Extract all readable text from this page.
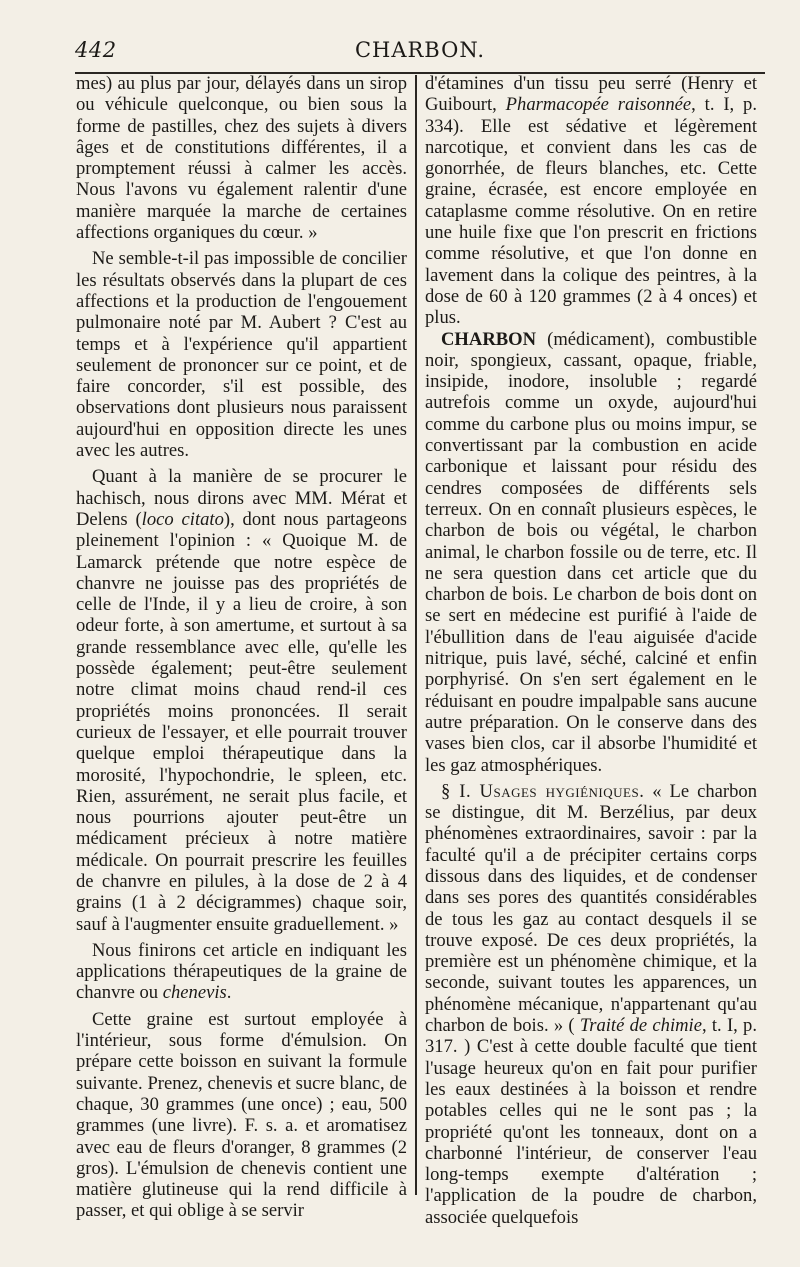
442	CHARBON.

mes) au plus par jour, délayés dans un sirop ou véhicule quelconque, ou bien sous la forme de pastilles, chez des sujets à divers âges et de constitutions différentes, il a promptement réussi à calmer les accès. Nous l'avons vu également ralentir d'une manière marquée la marche de certaines affections organiques du cœur. »

Ne semble-t-il pas impossible de concilier les résultats observés dans la plupart de ces affections et la production de l'engouement pulmonaire noté par M. Aubert ? C'est au temps et à l'expérience qu'il appartient seulement de prononcer sur ce point, et de faire concorder, s'il est possible, des observations dont plusieurs nous paraissent aujourd'hui en opposition directe les unes avec les autres.

Quant à la manière de se procurer le hachisch, nous dirons avec MM. Mérat et Delens (loco citato), dont nous partageons pleinement l'opinion : « Quoique M. de Lamarck prétende que notre espèce de chanvre ne jouisse pas des propriétés de celle de l'Inde, il y a lieu de croire, à son odeur forte, à son amertume, et surtout à sa grande ressemblance avec elle, qu'elle les possède également; peut-être seulement notre climat moins chaud rend-il ces propriétés moins prononcées. Il serait curieux de l'essayer, et elle pourrait trouver quelque emploi thérapeutique dans la morosité, l'hypochondrie, le spleen, etc. Rien, assurément, ne serait plus facile, et nous pourrions ajouter peut-être un médicament précieux à notre matière médicale. On pourrait prescrire les feuilles de chanvre en pilules, à la dose de 2 à 4 grains (1 à 2 décigrammes) chaque soir, sauf à l'augmenter ensuite graduellement. »

Nous finirons cet article en indiquant les applications thérapeutiques de la graine de chanvre ou chenevis.

Cette graine est surtout employée à l'intérieur, sous forme d'émulsion. On prépare cette boisson en suivant la formule suivante. Prenez, chenevis et sucre blanc, de chaque, 30 grammes (une once) ; eau, 500 grammes (une livre). F. s. a. et aromatisez avec eau de fleurs d'oranger, 8 grammes (2 gros). L'émulsion de chenevis contient une matière glutineuse qui la rend difficile à passer, et qui oblige à se servir

d'étamines d'un tissu peu serré (Henry et Guibourt, Pharmacopée raisonnée, t. I, p. 334). Elle est sédative et légèrement narcotique, et convient dans les cas de gonorrhée, de fleurs blanches, etc. Cette graine, écrasée, est encore employée en cataplasme comme résolutive. On en retire une huile fixe que l'on prescrit en frictions comme résolutive, et que l'on donne en lavement dans la colique des peintres, à la dose de 60 à 120 grammes (2 à 4 onces) et plus.

CHARBON (médicament), combustible noir, spongieux, cassant, opaque, friable, insipide, inodore, insoluble ; regardé autrefois comme un oxyde, aujourd'hui comme du carbone plus ou moins impur, se convertissant par la combustion en acide carbonique et laissant pour résidu des cendres composées de différents sels terreux. On en connaît plusieurs espèces, le charbon de bois ou végétal, le charbon animal, le charbon fossile ou de terre, etc. Il ne sera question dans cet article que du charbon de bois. Le charbon de bois dont on se sert en médecine est purifié à l'aide de l'ébullition dans de l'eau aiguisée d'acide nitrique, puis lavé, séché, calciné et enfin porphyrisé. On s'en sert également en le réduisant en poudre impalpable sans aucune autre préparation. On le conserve dans des vases bien clos, car il absorbe l'humidité et les gaz atmosphériques.

§ I. Usages hygiéniques. « Le charbon se distingue, dit M. Berzélius, par deux phénomènes extraordinaires, savoir : par la faculté qu'il a de précipiter certains corps dissous dans des liquides, et de condenser dans ses pores des quantités considérables de tous les gaz au contact desquels il se trouve exposé. De ces deux propriétés, la première est un phénomène chimique, et la seconde, suivant toutes les apparences, un phénomène mécanique, n'appartenant qu'au charbon de bois. » ( Traité de chimie, t. I, p. 317. ) C'est à cette double faculté que tient l'usage heureux qu'on en fait pour purifier les eaux destinées à la boisson et rendre potables celles qui ne le sont pas ; la propriété qu'ont les tonneaux, dont on a charbonné l'intérieur, de conserver l'eau long-temps exempte d'altération ; l'application de la poudre de charbon, associée quelquefois
